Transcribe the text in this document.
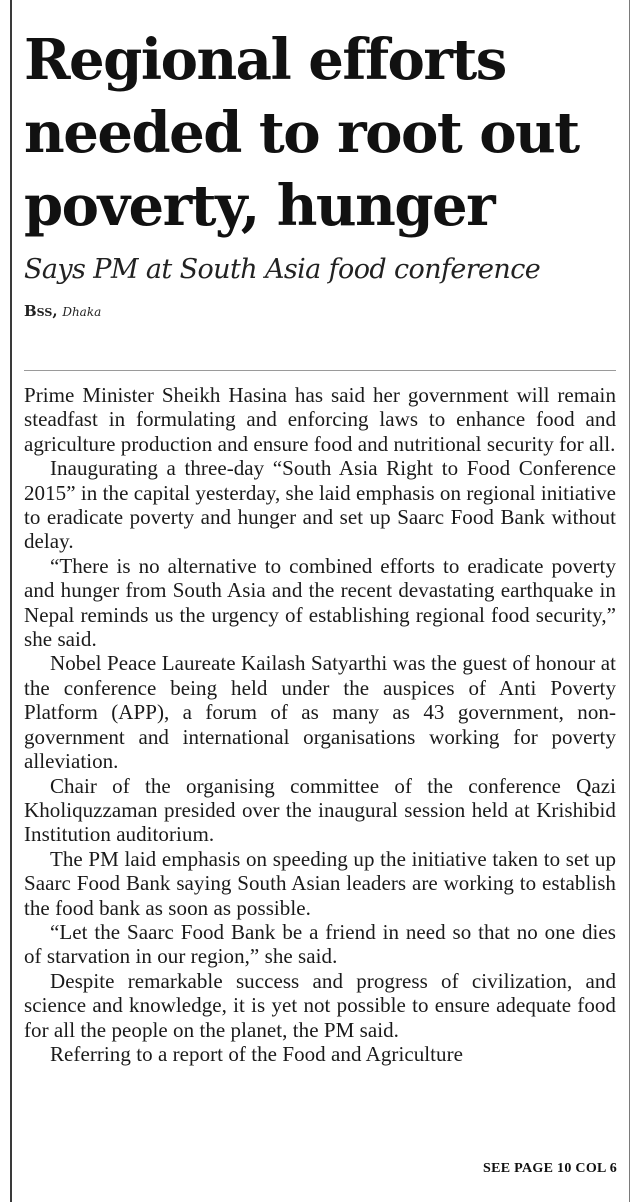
Regional efforts
needed to root out
poverty, hunger
Says PM at South Asia food conference
Bss, Dhaka

Prime Minister Sheikh Hasina has said her government will remain steadfast in formulating and enforcing laws to enhance food and agriculture production and ensure food and nutritional security for all.

Inaugurating a three-day “South Asia Right to Food Conference 2015” in the capital yesterday, she laid emphasis on regional initiative to eradicate poverty and hunger and set up Saarc Food Bank without delay.

“There is no alternative to combined efforts to eradicate poverty and hunger from South Asia and the recent devastating earthquake in Nepal reminds us the urgency of establishing regional food security,” she said.

Nobel Peace Laureate Kailash Satyarthi was the guest of honour at the conference being held under the auspices of Anti Poverty Platform (APP), a forum of as many as 43 government, non-government and international organisations working for poverty alleviation.

Chair of the organising committee of the conference Qazi Kholiquzzaman presided over the inaugural session held at Krishibid Institution auditorium.

The PM laid emphasis on speeding up the initiative taken to set up Saarc Food Bank saying South Asian leaders are working to establish the food bank as soon as possible.

“Let the Saarc Food Bank be a friend in need so that no one dies of starvation in our region,” she said.

Despite remarkable success and progress of civilization, and science and knowledge, it is yet not possible to ensure adequate food for all the people on the planet, the PM said.

Referring to a report of the Food and Agriculture

SEE PAGE 10 COL 6
